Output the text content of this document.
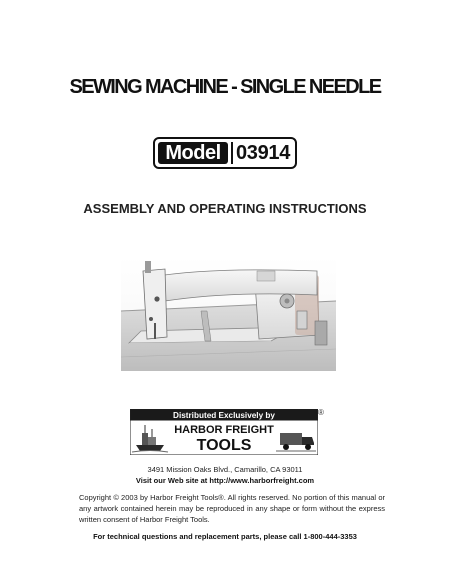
SEWING MACHINE - SINGLE NEEDLE
Model 03914
ASSEMBLY AND OPERATING INSTRUCTIONS
Distributed Exclusively by
HARBOR FREIGHT
TOOLS
®
3491 Mission Oaks Blvd., Camarillo, CA 93011
Visit our Web site at http://www.harborfreight.com
Copyright © 2003 by Harbor Freight Tools®. All rights reserved. No portion of this manual or any artwork contained herein may be reproduced in any shape or form without the express written consent of Harbor Freight Tools.
For technical questions and replacement parts, please call 1-800-444-3353
